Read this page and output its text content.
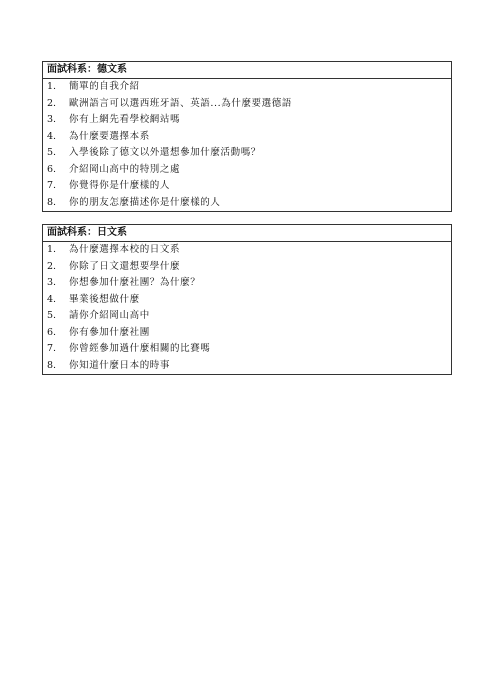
面試科系：德文系
1.	簡單的自我介紹
2.	歐洲語言可以選西班牙語、英語...為什麼要選德語
3.	你有上網先看學校網站嗎
4.	為什麼要選擇本系
5.	入學後除了德文以外還想參加什麼活動嗎？
6.	介紹岡山高中的特別之處
7.	你覺得你是什麼樣的人
8.	你的朋友怎麼描述你是什麼樣的人
面試科系：日文系
1.	為什麼選擇本校的日文系
2.	你除了日文還想要學什麼
3.	你想參加什麼社團？為什麼？
4.	畢業後想做什麼
5.	請你介紹岡山高中
6.	你有參加什麼社團
7.	你曾經參加過什麼相關的比賽嗎
8.	你知道什麼日本的時事
